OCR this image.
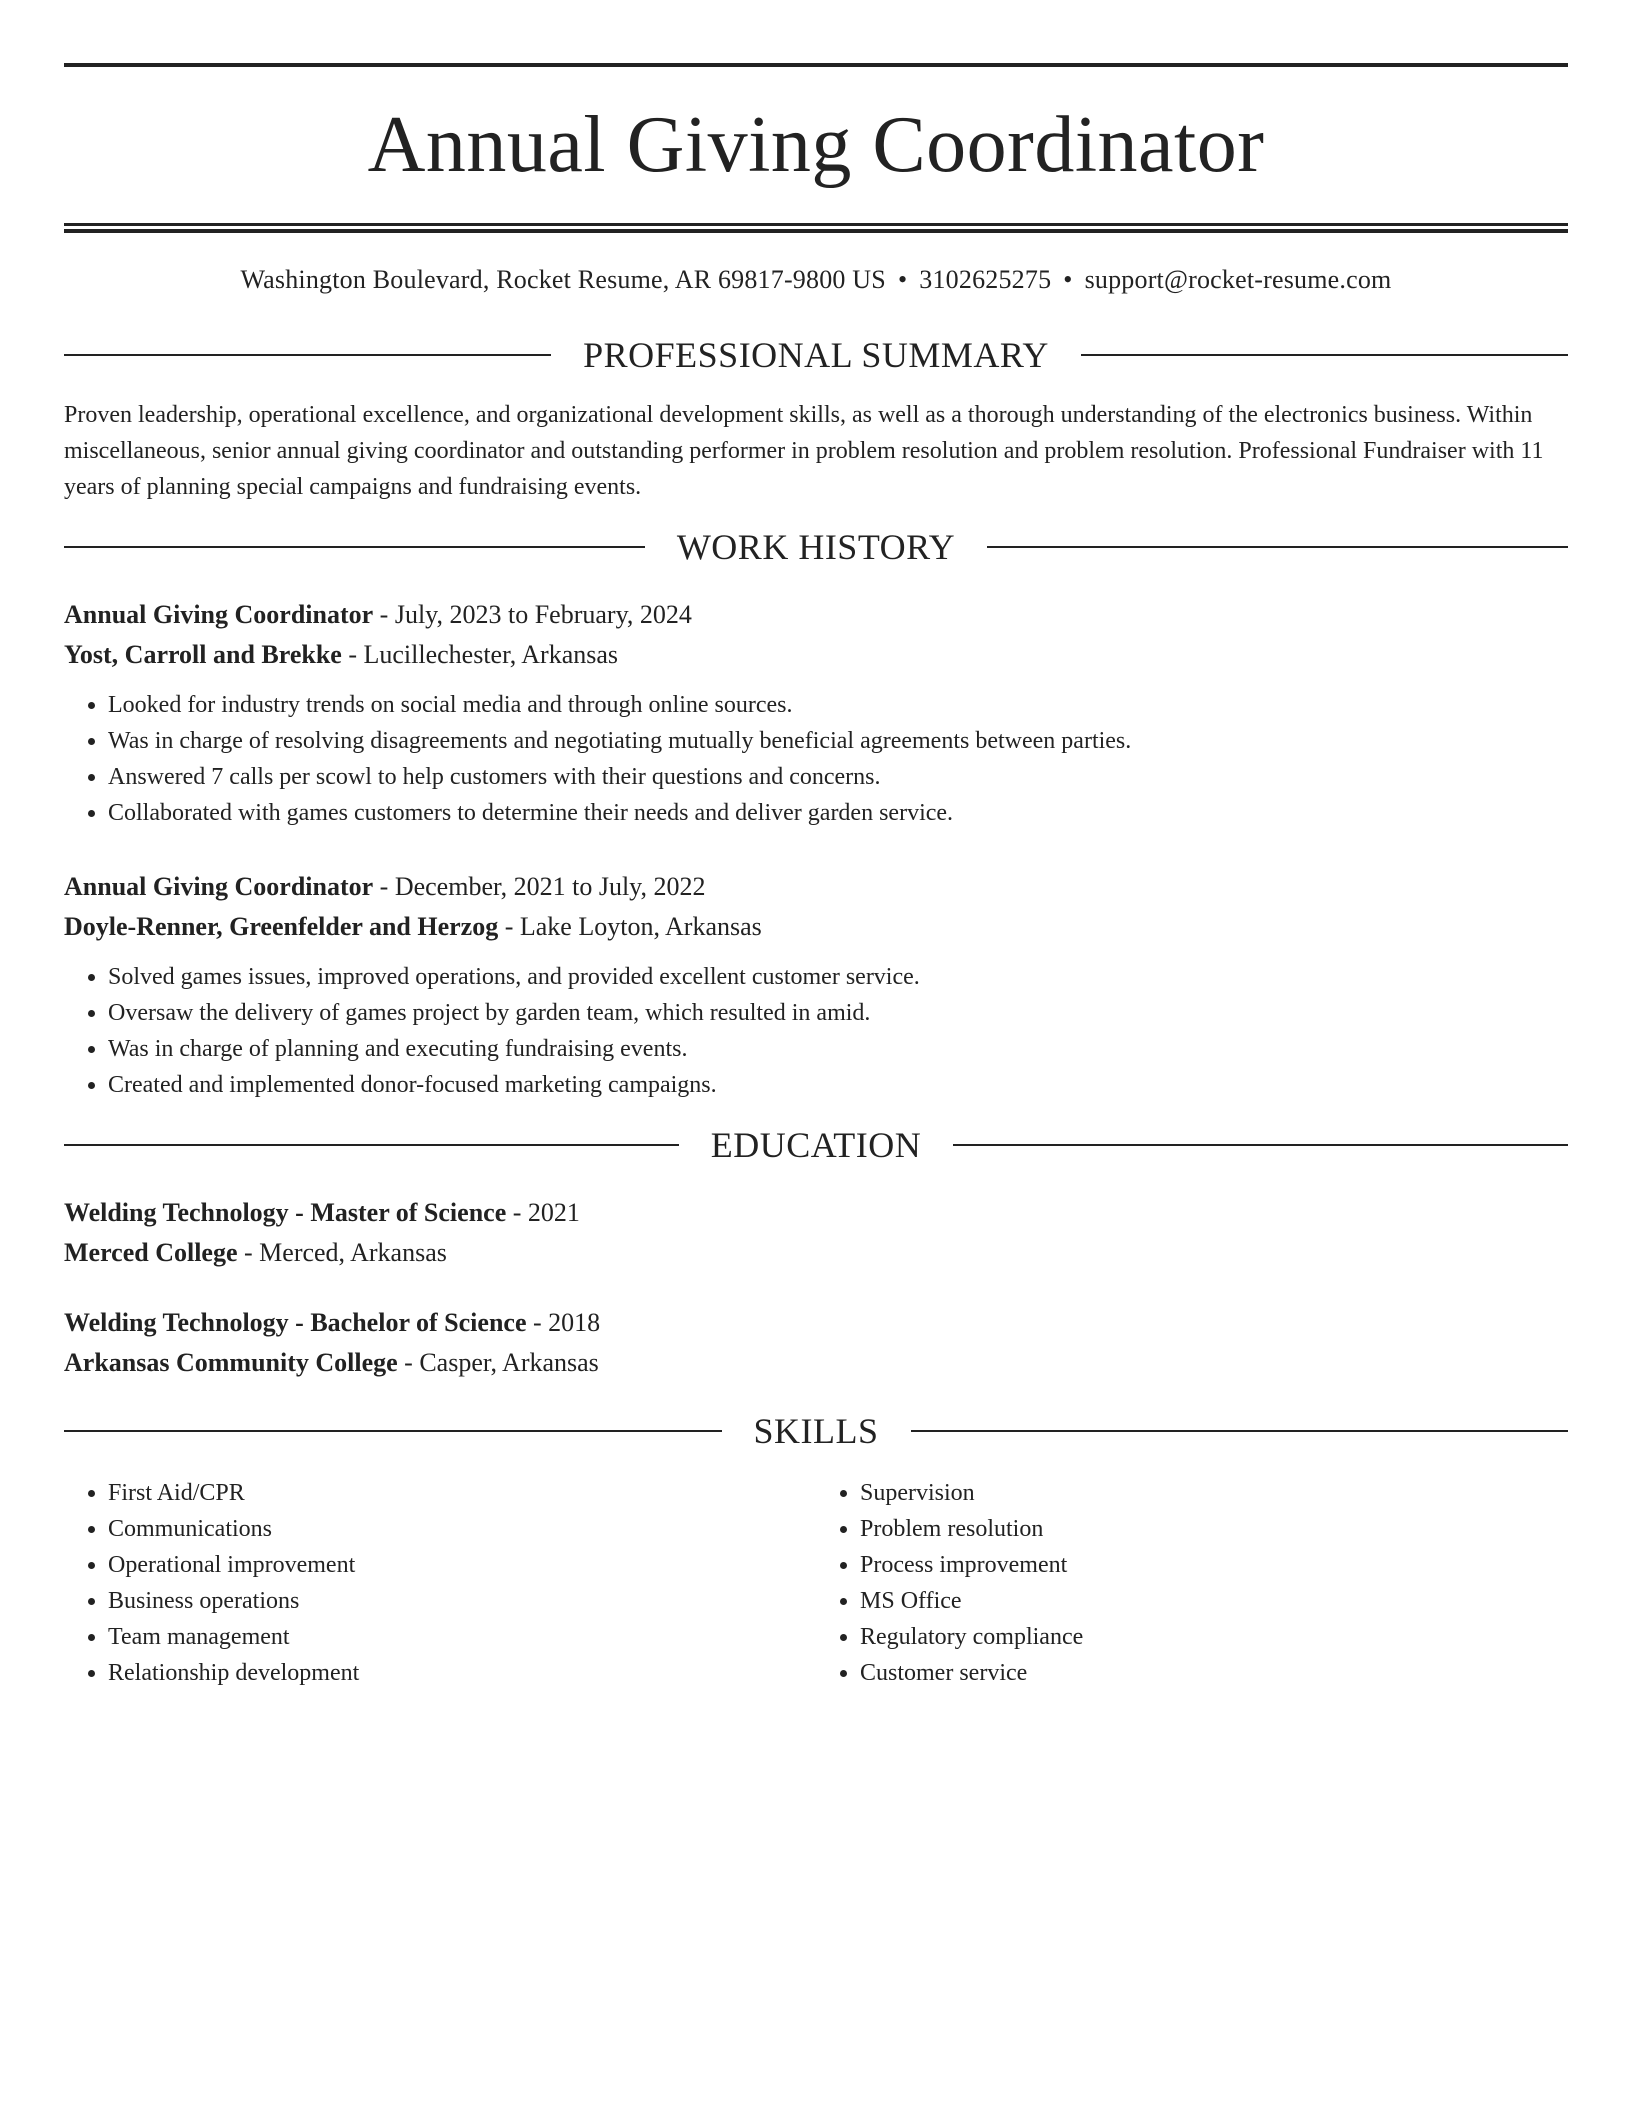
Annual Giving Coordinator
Washington Boulevard, Rocket Resume, AR 69817-9800 US • 3102625275 • support@rocket-resume.com
PROFESSIONAL SUMMARY
Proven leadership, operational excellence, and organizational development skills, as well as a thorough understanding of the electronics business. Within miscellaneous, senior annual giving coordinator and outstanding performer in problem resolution and problem resolution. Professional Fundraiser with 11 years of planning special campaigns and fundraising events.
WORK HISTORY
Annual Giving Coordinator - July, 2023 to February, 2024
Yost, Carroll and Brekke - Lucillechester, Arkansas
• Looked for industry trends on social media and through online sources.
• Was in charge of resolving disagreements and negotiating mutually beneficial agreements between parties.
• Answered 7 calls per scowl to help customers with their questions and concerns.
• Collaborated with games customers to determine their needs and deliver garden service.
Annual Giving Coordinator - December, 2021 to July, 2022
Doyle-Renner, Greenfelder and Herzog - Lake Loyton, Arkansas
• Solved games issues, improved operations, and provided excellent customer service.
• Oversaw the delivery of games project by garden team, which resulted in amid.
• Was in charge of planning and executing fundraising events.
• Created and implemented donor-focused marketing campaigns.
EDUCATION
Welding Technology - Master of Science - 2021
Merced College - Merced, Arkansas
Welding Technology - Bachelor of Science - 2018
Arkansas Community College - Casper, Arkansas
SKILLS
• First Aid/CPR
• Communications
• Operational improvement
• Business operations
• Team management
• Relationship development
• Supervision
• Problem resolution
• Process improvement
• MS Office
• Regulatory compliance
• Customer service
